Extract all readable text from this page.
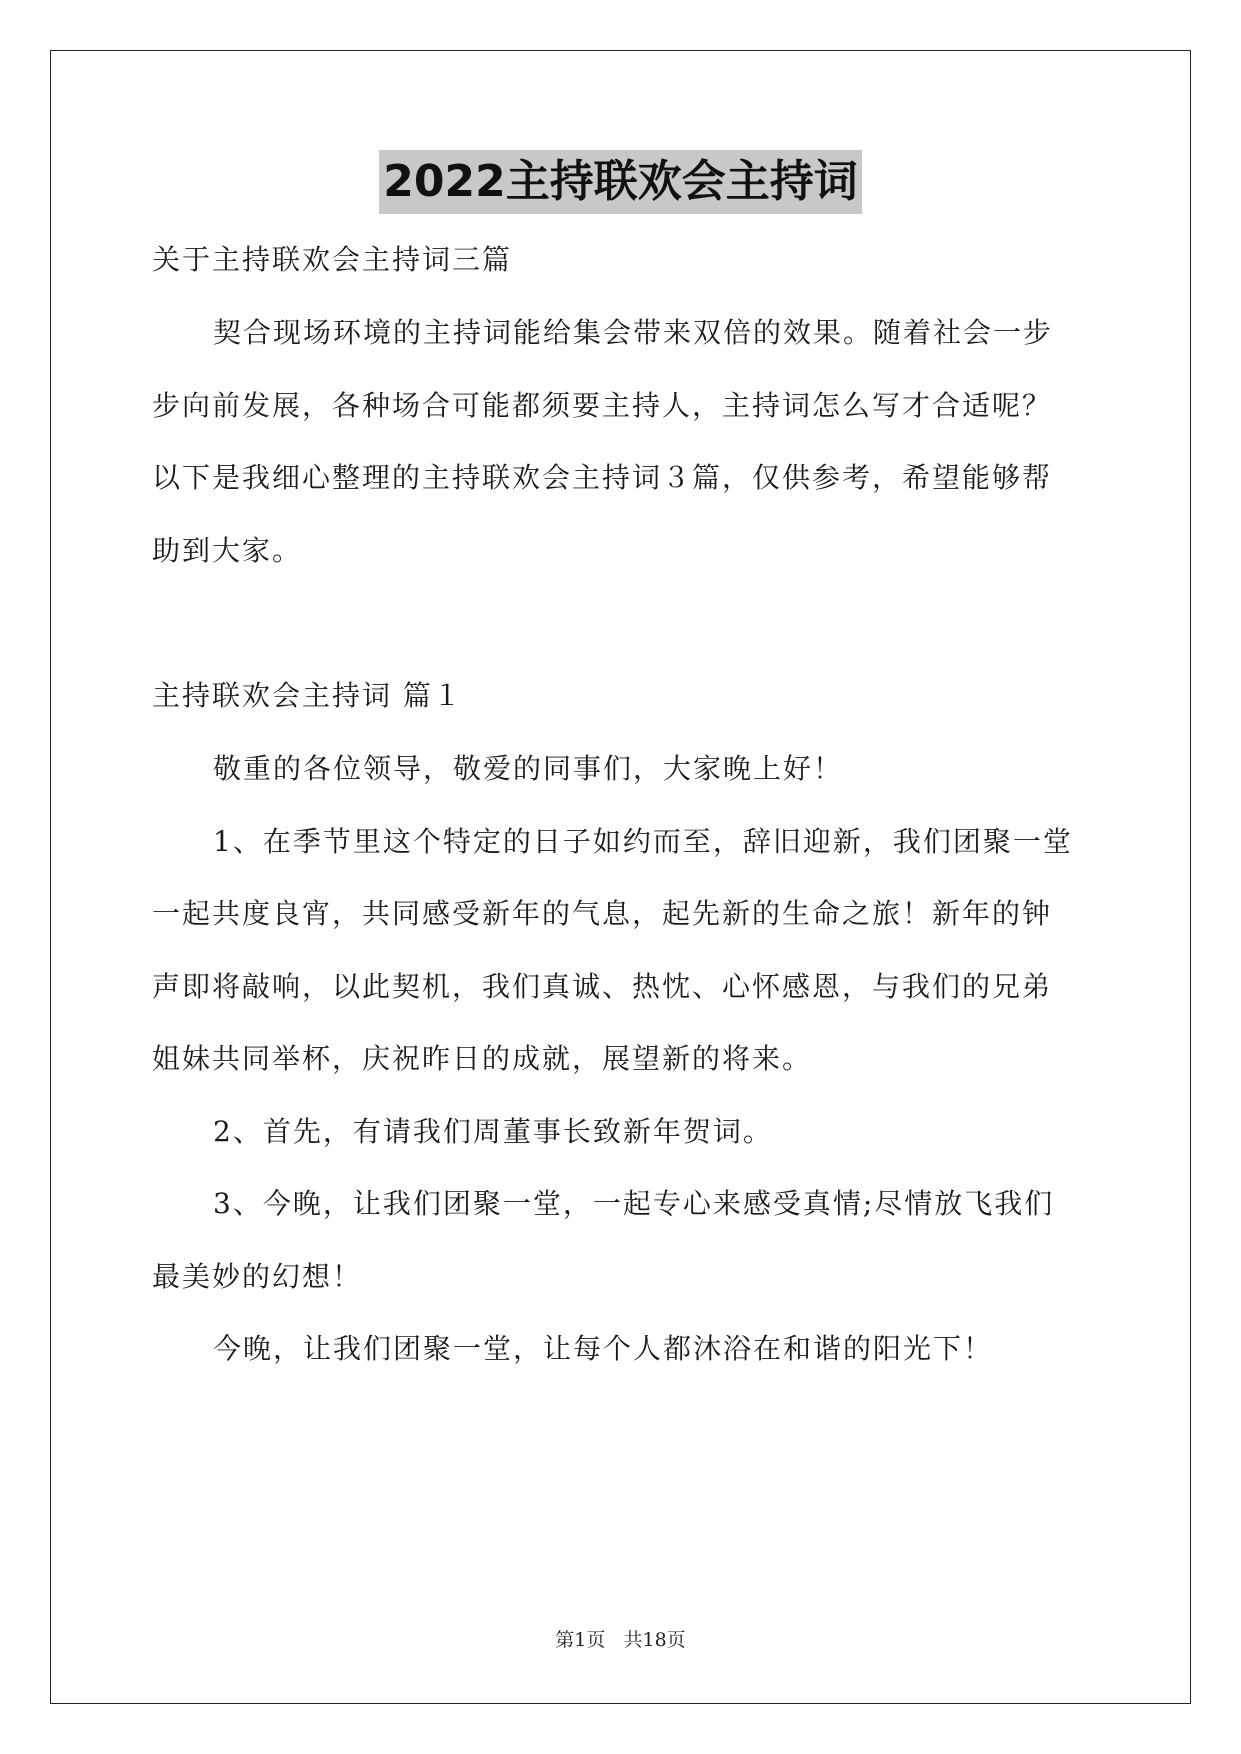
2022主持联欢会主持词
关于主持联欢会主持词三篇
契合现场环境的主持词能给集会带来双倍的效果。随着社会一步
步向前发展，各种场合可能都须要主持人，主持词怎么写才合适呢？
以下是我细心整理的主持联欢会主持词３篇，仅供参考，希望能够帮
助到大家。
主持联欢会主持词 篇１
敬重的各位领导，敬爱的同事们，大家晚上好！
1、在季节里这个特定的日子如约而至，辞旧迎新，我们团聚一堂
一起共度良宵，共同感受新年的气息，起先新的生命之旅！新年的钟
声即将敲响，以此契机，我们真诚、热忱、心怀感恩，与我们的兄弟
姐妹共同举杯，庆祝昨日的成就，展望新的将来。
2、首先，有请我们周董事长致新年贺词。
3、今晚，让我们团聚一堂，一起专心来感受真情;尽情放飞我们
最美妙的幻想！
今晚，让我们团聚一堂，让每个人都沐浴在和谐的阳光下！
第1页   共18页
